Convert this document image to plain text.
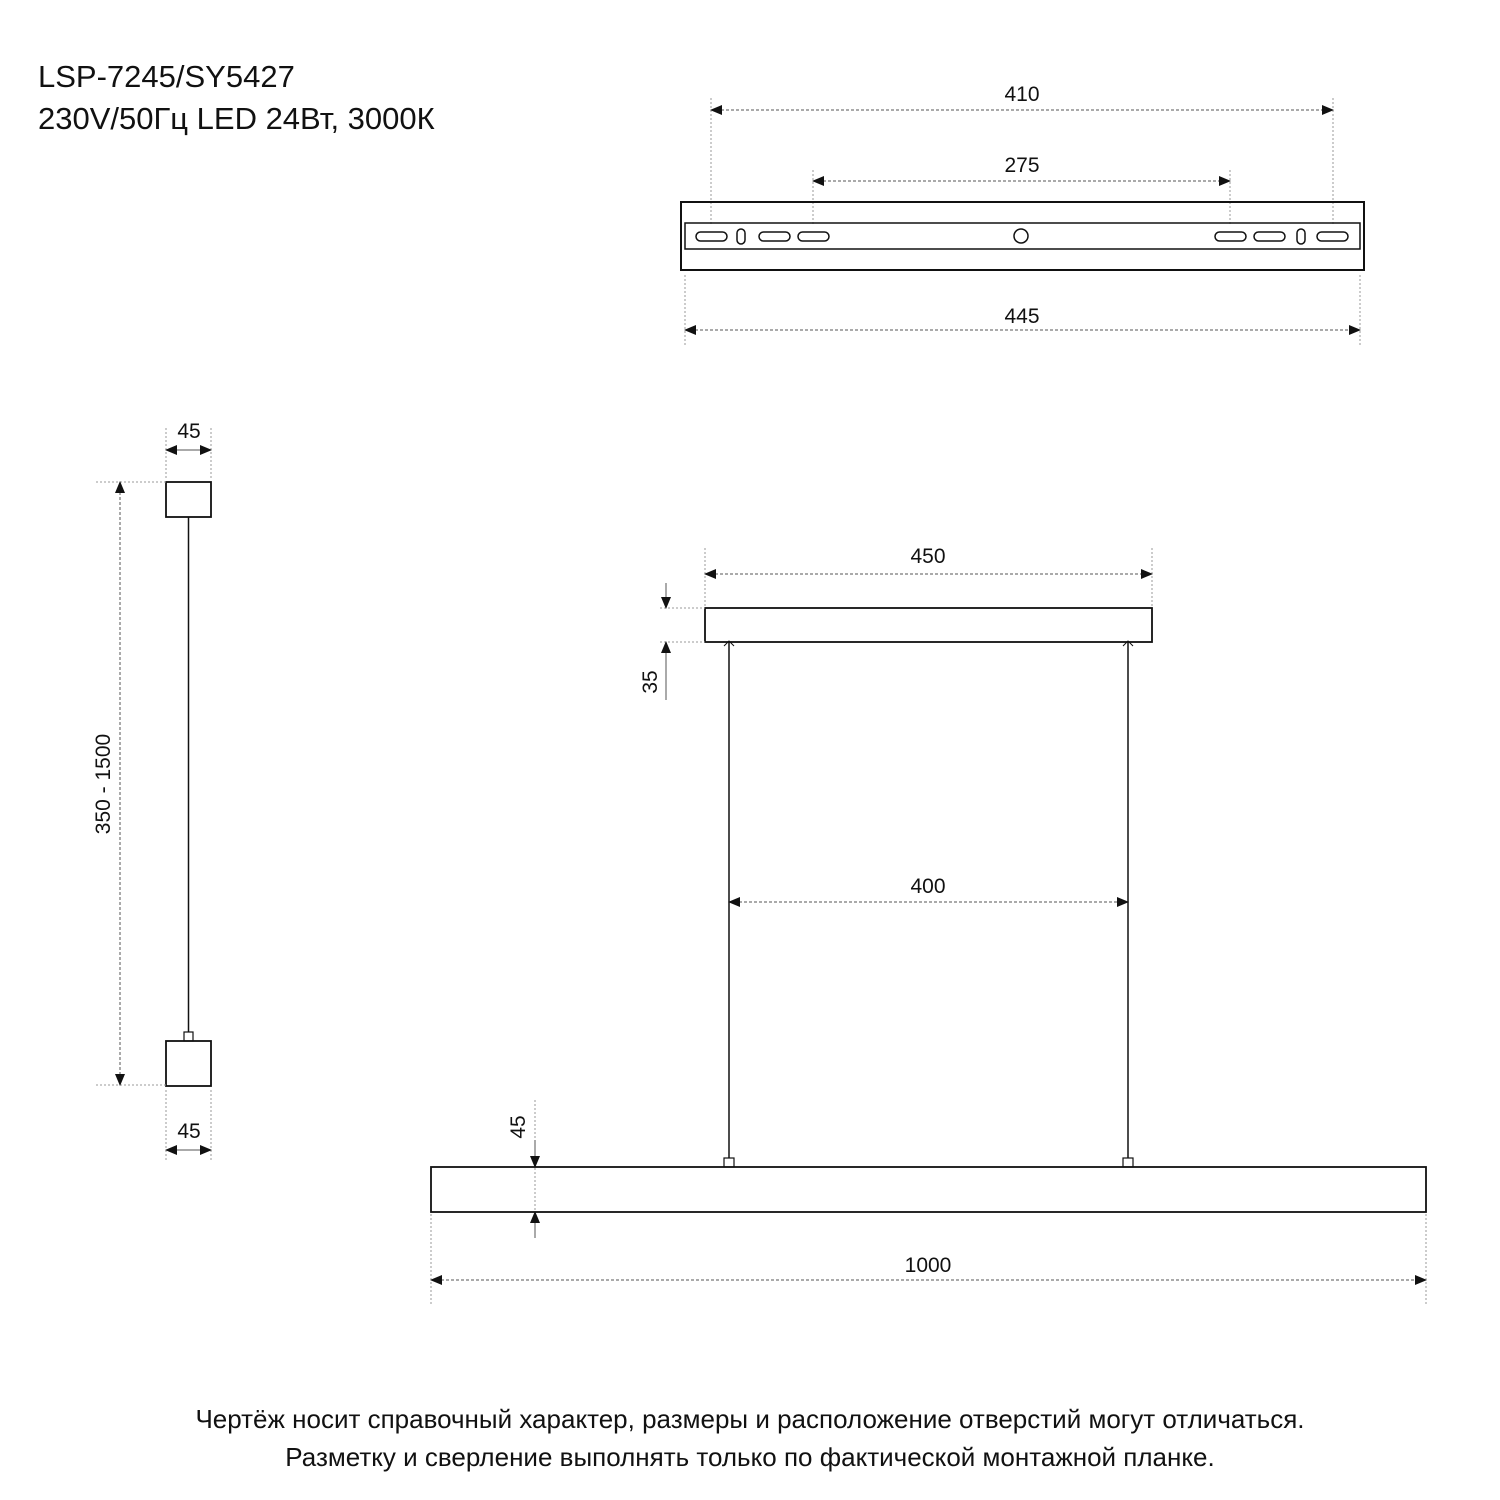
LSP-7245/SY5427
230V/50Гц LED 24Вт, 3000К
410
275
445
45
350 - 1500
45
450
35
400
45
1000
Чертёж носит справочный характер, размеры и расположение отверстий могут отличаться.
Разметку и сверление выполнять только по фактической монтажной планке.
